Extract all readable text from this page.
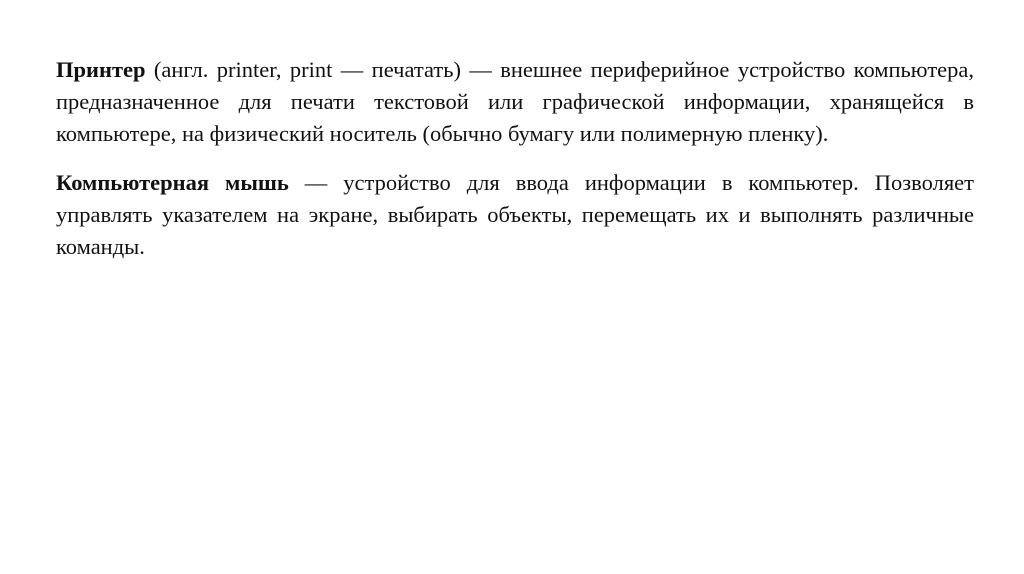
Принтер (англ. printer, print — печатать) — внешнее периферийное устройство компьютера, предназначенное для печати текстовой или графической информации, хранящейся в компьютере, на физический носитель (обычно бумагу или полимерную пленку).

Компьютерная мышь — устройство для ввода информации в компьютер. Позволяет управлять указателем на экране, выбирать объекты, перемещать их и выполнять различные команды.
